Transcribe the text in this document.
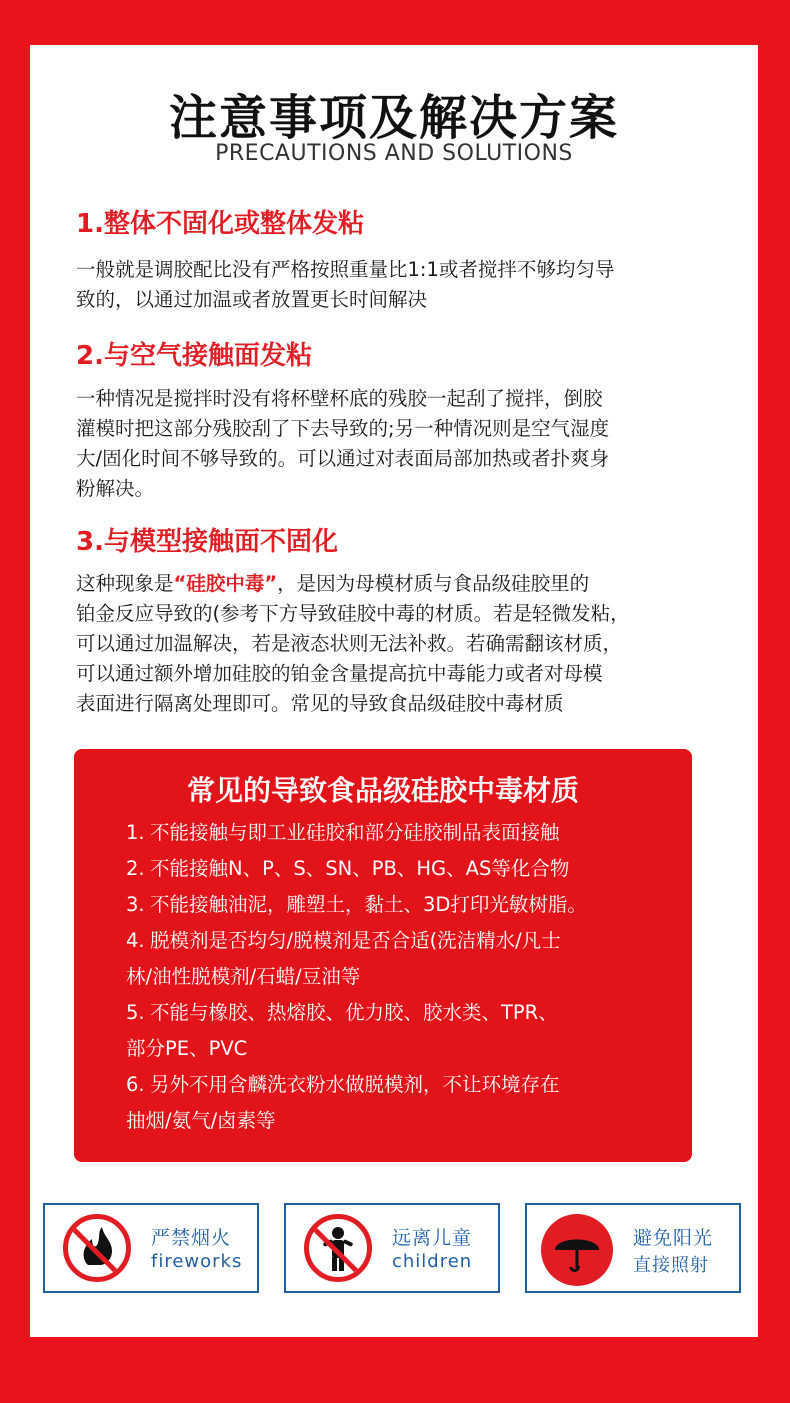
注意事项及解决方案
PRECAUTIONS AND SOLUTIONS
1.整体不固化或整体发粘
一般就是调胶配比没有严格按照重量比1:1或者搅拌不够均匀导
致的，以通过加温或者放置更长时间解决
2.与空气接触面发粘
一种情况是搅拌时没有将杯壁杯底的残胶一起刮了搅拌，倒胶
灌模时把这部分残胶刮了下去导致的;另一种情况则是空气湿度
大/固化时间不够导致的。可以通过对表面局部加热或者扑爽身
粉解决。
3.与模型接触面不固化
这种现象是“硅胶中毒”，是因为母模材质与食品级硅胶里的
铂金反应导致的(参考下方导致硅胶中毒的材质。若是轻微发粘，
可以通过加温解决，若是液态状则无法补救。若确需翻该材质，
可以通过额外增加硅胶的铂金含量提高抗中毒能力或者对母模
表面进行隔离处理即可。常见的导致食品级硅胶中毒材质
常见的导致食品级硅胶中毒材质
1. 不能接触与即工业硅胶和部分硅胶制品表面接触
2. 不能接触N、P、S、SN、PB、HG、AS等化合物
3. 不能接触油泥，雕塑土，黏土、3D打印光敏树脂。
4. 脱模剂是否均匀/脱模剂是否合适(洗洁精水/凡士
林/油性脱模剂/石蜡/豆油等
5. 不能与橡胶、热熔胶、优力胶、胶水类、TPR、
部分PE、PVC
6. 另外不用含麟洗衣粉水做脱模剂，不让环境存在
抽烟/氨气/卤素等
严禁烟火
fireworks
远离儿童
children
避免阳光
直接照射
